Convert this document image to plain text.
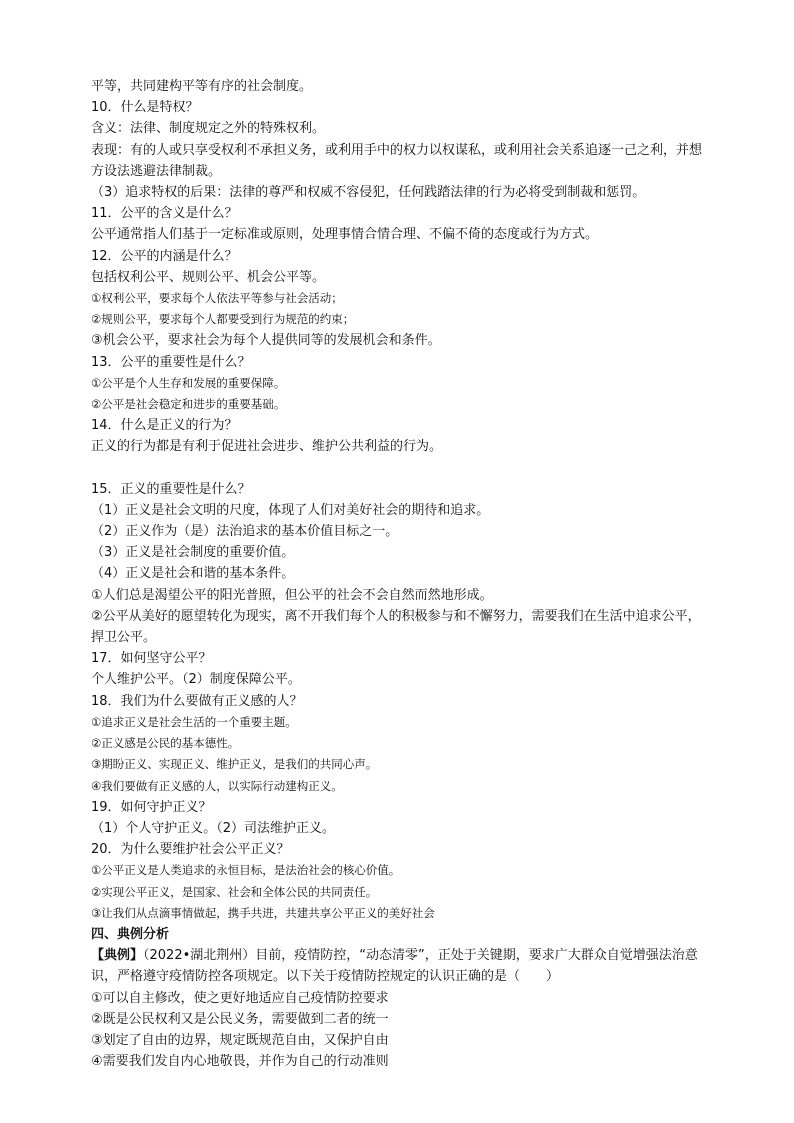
平等，共同建构平等有序的社会制度。
10．什么是特权？
含义：法律、制度规定之外的特殊权利。
表现：有的人或只享受权利不承担义务，或利用手中的权力以权谋私，或利用社会关系追逐一己之利，并想方设法逃避法律制裁。
（3）追求特权的后果：法律的尊严和权威不容侵犯，任何践踏法律的行为必将受到制裁和惩罚。
11．公平的含义是什么？
公平通常指人们基于一定标准或原则，处理事情合情合理、不偏不倚的态度或行为方式。
12．公平的内涵是什么？
包括权利公平、规则公平、机会公平等。
①权利公平，要求每个人依法平等参与社会活动；
②规则公平，要求每个人都要受到行为规范的约束；
③机会公平，要求社会为每个人提供同等的发展机会和条件。
13．公平的重要性是什么？
①公平是个人生存和发展的重要保障。
②公平是社会稳定和进步的重要基础。
14．什么是正义的行为？
正义的行为都是有利于促进社会进步、维护公共利益的行为。
15．正义的重要性是什么？
（1）正义是社会文明的尺度，体现了人们对美好社会的期待和追求。
（2）正义作为（是）法治追求的基本价值目标之一。
（3）正义是社会制度的重要价值。
（4）正义是社会和谐的基本条件。
①人们总是渴望公平的阳光普照，但公平的社会不会自然而然地形成。
②公平从美好的愿望转化为现实，离不开我们每个人的积极参与和不懈努力，需要我们在生活中追求公平，捍卫公平。
17．如何坚守公平？
个人维护公平。（2）制度保障公平。
18．我们为什么要做有正义感的人？
①追求正义是社会生活的一个重要主题。
②正义感是公民的基本德性。
③期盼正义、实现正义、维护正义，是我们的共同心声。
④我们要做有正义感的人，以实际行动建构正义。
19．如何守护正义？
（1）个人守护正义。（2）司法维护正义。
20．为什么要维护社会公平正义？
①公平正义是人类追求的永恒目标，是法治社会的核心价值。
②实现公平正义，是国家、社会和全体公民的共同责任。
③让我们从点滴事情做起，携手共进，共建共享公平正义的美好社会
四、典例分析
【典例】（2022•湖北荆州）目前，疫情防控，“动态清零”，正处于关键期，要求广大群众自觉增强法治意识，严格遵守疫情防控各项规定。以下关于疫情防控规定的认识正确的是（　　）
①可以自主修改，使之更好地适应自己疫情防控要求
②既是公民权利又是公民义务，需要做到二者的统一
③划定了自由的边界，规定既规范自由，又保护自由
④需要我们发自内心地敬畏，并作为自己的行动准则
